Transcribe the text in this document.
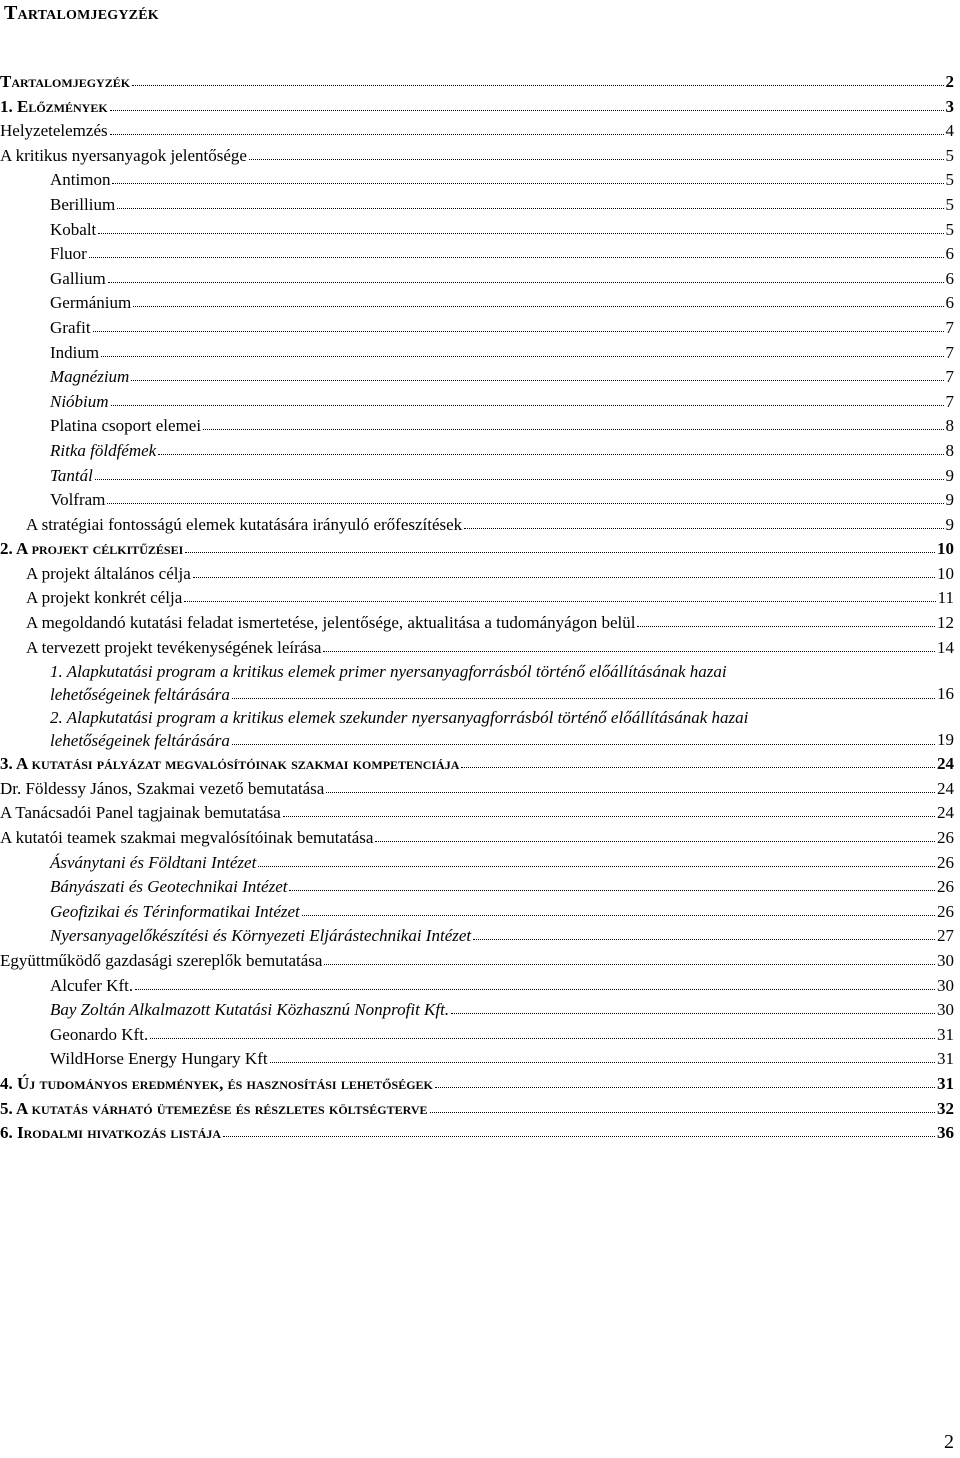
Tartalomjegyzék
Tartalomjegyzék	2
1. Előzmények	3
Helyzetelemzés	4
A kritikus nyersanyagok jelentősége	5
Antimon	5
Berillium	5
Kobalt	5
Fluor	6
Gallium	6
Germánium	6
Grafit	7
Indium	7
Magnézium	7
Nióbium	7
Platina csoport elemei	8
Ritka földfémek	8
Tantál	9
Volfram	9
A stratégiai fontosságú elemek kutatására irányuló erőfeszítések	9
2. A projekt célkitűzései	10
A projekt általános célja	10
A projekt konkrét célja	11
A megoldandó kutatási feladat ismertetése, jelentősége, aktualitása a tudományágon belül	12
A tervezett projekt tevékenységének leírása	14
1. Alapkutatási program a kritikus elemek primer nyersanyagforrásból történő előállításának hazai
lehetőségeinek feltárására	16
2. Alapkutatási program a kritikus elemek szekunder nyersanyagforrásból történő előállításának hazai
lehetőségeinek feltárására	19
3. A kutatási pályázat megvalósítóinak szakmai kompetenciája	24
Dr. Földessy János, Szakmai vezető bemutatása	24
A Tanácsadói Panel tagjainak bemutatása	24
A kutatói teamek szakmai megvalósítóinak bemutatása	26
Ásványtani és Földtani Intézet	26
Bányászati és Geotechnikai Intézet	26
Geofizikai és Térinformatikai Intézet	26
Nyersanyagelőkészítési és Környezeti Eljárástechnikai Intézet	27
Együttműködő gazdasági szereplők bemutatása	30
Alcufer Kft.	30
Bay Zoltán Alkalmazott Kutatási Közhasznú Nonprofit Kft.	30
Geonardo Kft.	31
WildHorse Energy Hungary Kft	31
4. Új tudományos eredmények, és hasznosítási lehetőségek	31
5. A kutatás várható ütemezése és részletes költségterve	32
6. Irodalmi hivatkozás listája	36
2
